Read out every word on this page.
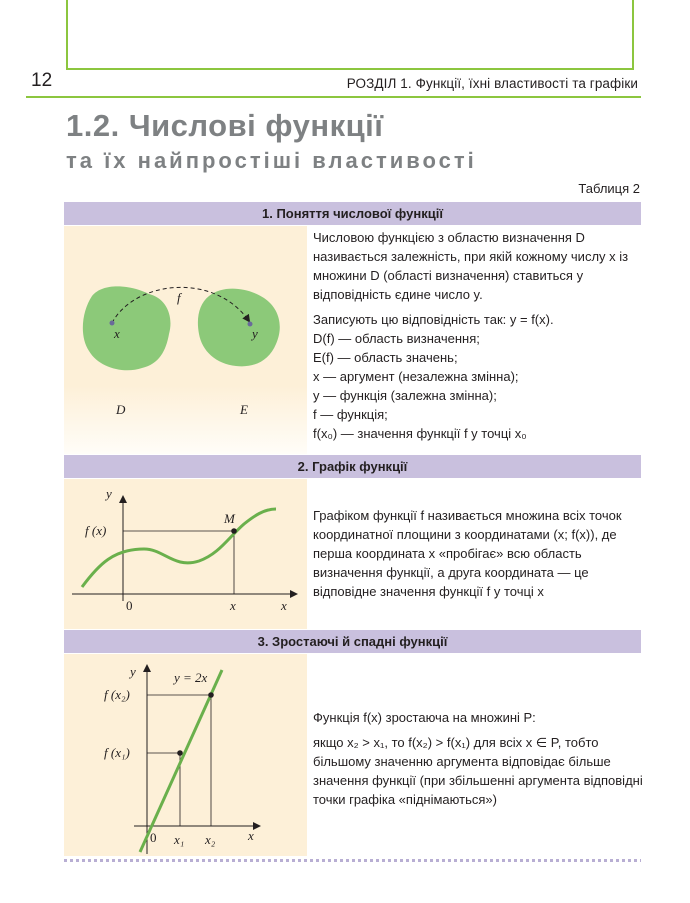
12	РОЗДІЛ 1. Функції, їхні властивості та графіки
1.2. Числові функції
та їх найпростіші властивості
Таблиця 2
1. Поняття числової функції
f
x	y
D	E

Числовою функцією з областю визначення D називається залежність, при якій кожному числу x із множини D (області визначення) ставиться у відповідність єдине число y.

Записують цю відповідність так: y = f(x).

D(f) — область визначення;

E(f) — область значень;

x — аргумент (незалежна змінна);

y — функція (залежна змінна);

f — функція;

f(x₀) — значення функції f у точці x₀

2. Графік функції
y
f (x)
M
0	x	x

Графіком функції f називається множина всіх точок координатної площини з координатами (x; f(x)), де перша координата x «пробігає» всю область визначення функції, а друга координата — це відповідне значення функції f у точці x

3. Зростаючі й спадні функції
y	y = 2x
f (x₂)
f (x₁)
0 x₁ x₂	x

Функція f(x) зростаюча на множині P:

якщо x₂ > x₁, то f(x₂) > f(x₁) для всіх x ∈ P, тобто більшому значенню аргумента відповідає більше значення функції (при збільшенні аргумента відповідні точки графіка «піднімаються»)
